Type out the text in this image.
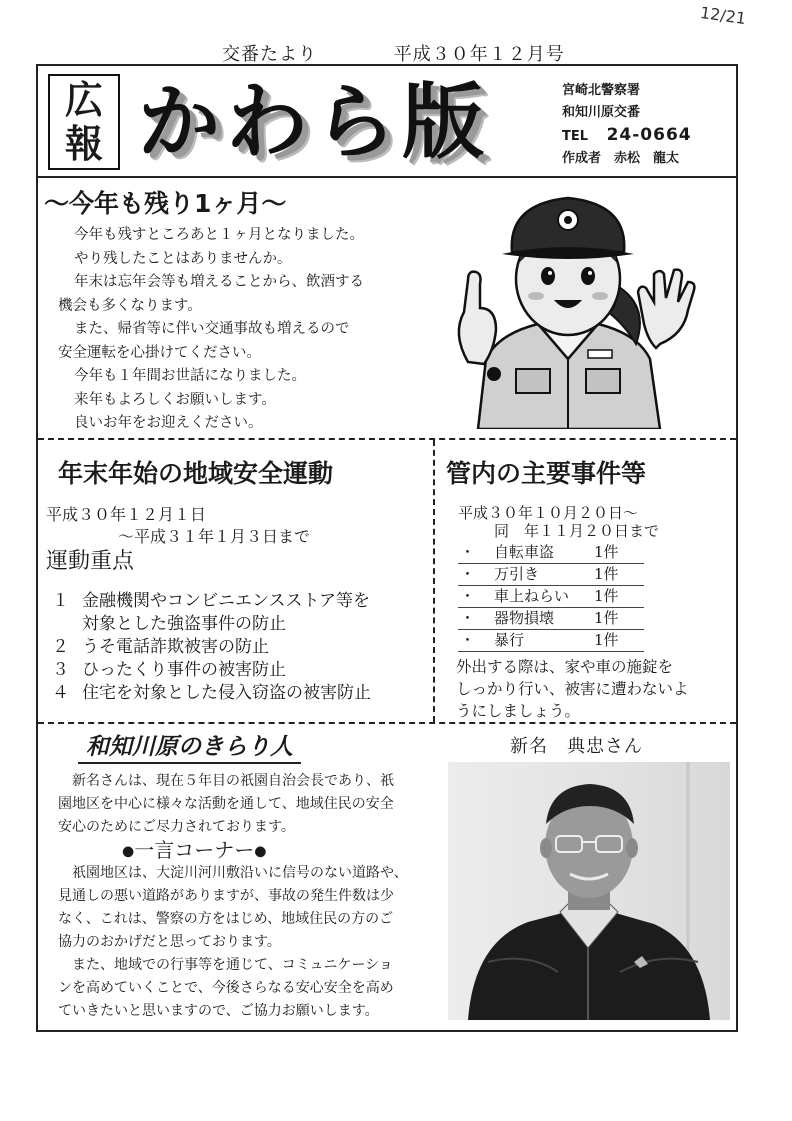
12/21
交番たより	平成３０年１２月号
広
報 かわら版	宮崎北警察署
和知川原交番
TEL 24-0664
作成者　赤松　龍太
～今年も残り1ヶ月～

今年も残すところあと１ヶ月となりました。

やり残したことはありませんか。

年末は忘年会等も増えることから、飲酒する

機会も多くなります。

また、帰省等に伴い交通事故も増えるので

安全運転を心掛けてください。

今年も１年間お世話になりました。

来年もよろしくお願いします。

良いお年をお迎えください。

年末年始の地域安全運動
平成３０年１２月１日
～平成３１年１月３日まで
運動重点
１ 金融機関やコンビニエンスストア等を
対象とした強盗事件の防止
２ うそ電話詐欺被害の防止
３ ひったくり事件の被害防止
４ 住宅を対象とした侵入窃盗の被害防止
管内の主要事件等
平成３０年１０月２０日～
同　年１１月２０日まで
・	自転車盗	1件
・	万引き	1件
・	車上ねらい	1件
・	器物損壊	1件
・	暴行	1件
外出する際は、家や車の施錠を
しっかり行い、被害に遭わないよ
うにしましょう。
和知川原のきらり人	新名　典忠さん
新名さんは、現在５年目の祇園自治会長であり、祇
園地区を中心に様々な活動を通して、地域住民の安全
安心のためにご尽力されております。
●一言コーナー●
祇園地区は、大淀川河川敷沿いに信号のない道路や、
見通しの悪い道路がありますが、事故の発生件数は少
なく、これは、警察の方をはじめ、地域住民の方のご
協力のおかげだと思っております。
また、地域での行事等を通じて、コミュニケーショ
ンを高めていくことで、今後さらなる安心安全を高め
ていきたいと思いますので、ご協力お願いします。
